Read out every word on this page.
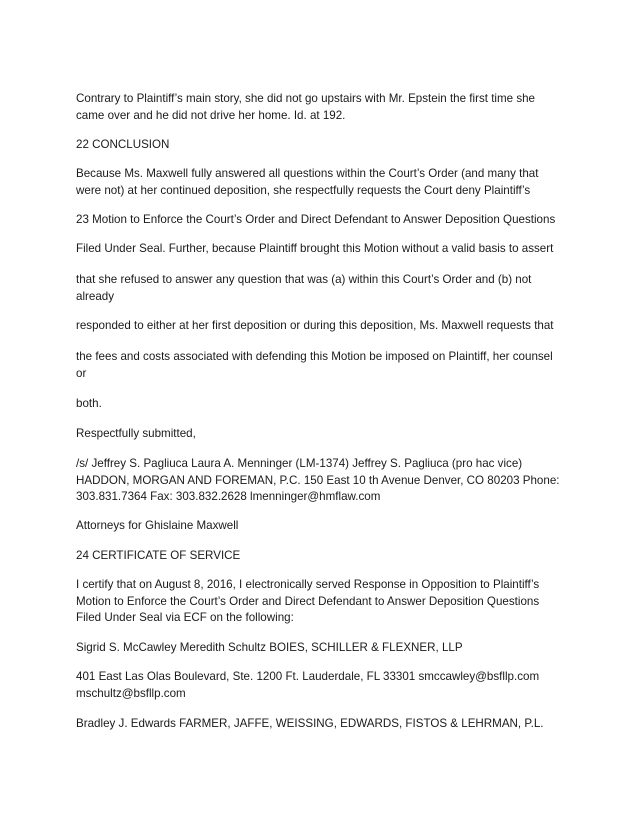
Contrary to Plaintiff’s main story, she did not go upstairs with Mr. Epstein the first time she came over and he did not drive her home. Id. at 192.

22 CONCLUSION

Because Ms. Maxwell fully answered all questions within the Court’s Order (and many that were not) at her continued deposition, she respectfully requests the Court deny Plaintiff’s

23 Motion to Enforce the Court’s Order and Direct Defendant to Answer Deposition Questions

Filed Under Seal. Further, because Plaintiff brought this Motion without a valid basis to assert

that she refused to answer any question that was (a) within this Court’s Order and (b) not already

responded to either at her first deposition or during this deposition, Ms. Maxwell requests that

the fees and costs associated with defending this Motion be imposed on Plaintiff, her counsel or

both.

Respectfully submitted,

/s/ Jeffrey S. Pagliuca Laura A. Menninger (LM-1374) Jeffrey S. Pagliuca (pro hac vice) HADDON, MORGAN AND FOREMAN, P.C. 150 East 10 th Avenue Denver, CO 80203 Phone: 303.831.7364 Fax: 303.832.2628 lmenninger@hmflaw.com

Attorneys for Ghislaine Maxwell

24 CERTIFICATE OF SERVICE

I certify that on August 8, 2016, I electronically served Response in Opposition to Plaintiff’s Motion to Enforce the Court’s Order and Direct Defendant to Answer Deposition Questions Filed Under Seal via ECF on the following:

Sigrid S. McCawley Meredith Schultz BOIES, SCHILLER & FLEXNER, LLP

401 East Las Olas Boulevard, Ste. 1200 Ft. Lauderdale, FL 33301 smccawley@bsfllp.com mschultz@bsfllp.com

Bradley J. Edwards FARMER, JAFFE, WEISSING, EDWARDS, FISTOS & LEHRMAN, P.L.
